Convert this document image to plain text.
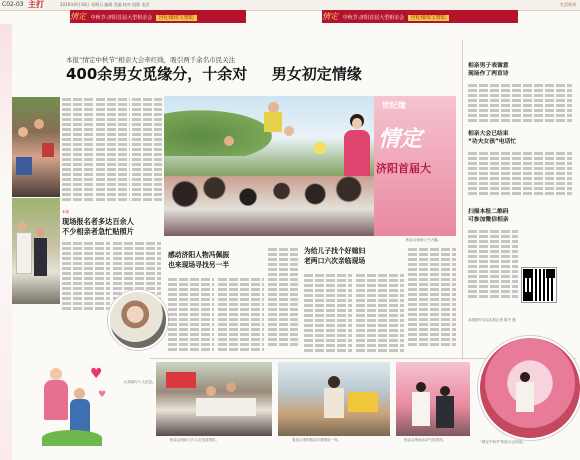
C02-03 主打	2016年9月18日 星期日 编辑 美编 校对 组版 电话	生活周刊
情定 中秋节·济阳首届大型相亲会 世纪缘珠宝赞助	情定 中秋节·济阳首届大型相亲会 世纪缘珠宝赞助
本报“情定中秋节”相亲大会牵红线，吸引两千余名市民关注
400余男女觅缘分，十余对 男女初定情缘
本报
现场报名者多达百余人
不少相亲者急忙贴照片
认真填写个人信息。
♥
♥
世纪缘
情定
济阳首届大
相亲会现场人气火爆。
感动济阳人物冯佩振
也来现场寻找另一半
为给儿子找个好媳妇
老两口六次亲临现场
相亲男子表谢意
现场作了两首诗
相亲大会已结束
“功夫女孩”电话忙
扫描本报二维码
可参加微信相亲
本版图片均由本报记者 陈中 摄
相亲会现场工作人员发放资料。	看见合适的相亲对象眼前一亮。	相亲会现场活动气氛热烈。	“情定中秋节”相亲大会现场。
